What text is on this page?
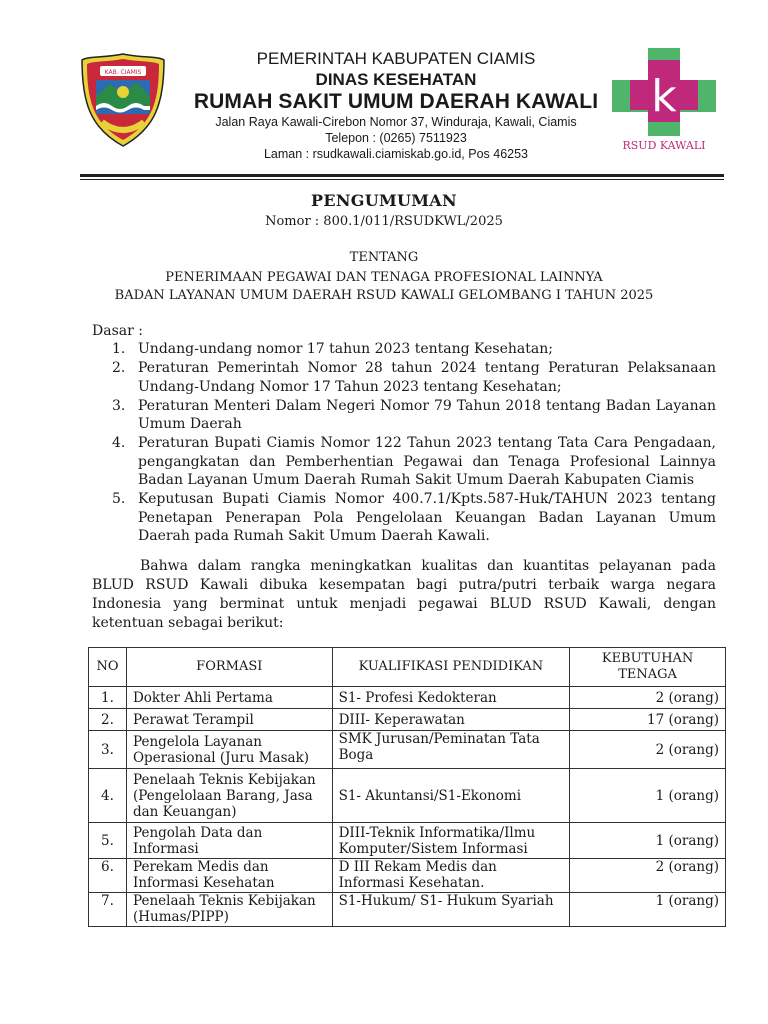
KAB. CIAMIS
PEMERINTAH KABUPATEN CIAMIS
DINAS KESEHATAN
RUMAH SAKIT UMUM DAERAH KAWALI
Jalan Raya Kawali-Cirebon Nomor 37, Winduraja, Kawali, Ciamis
Telepon : (0265) 7511923
Laman : rsudkawali.ciamiskab.go.id, Pos 46253
k
RSUD KAWALI
PENGUMUMAN
Nomor : 800.1/011/RSUDKWL/2025
TENTANG
PENERIMAAN PEGAWAI DAN TENAGA PROFESIONAL LAINNYA
BADAN LAYANAN UMUM DAERAH RSUD KAWALI GELOMBANG I TAHUN 2025
Dasar :
1. Undang-undang nomor 17 tahun 2023 tentang Kesehatan;
2. Peraturan Pemerintah Nomor 28 tahun 2024 tentang Peraturan Pelaksanaan Undang-Undang Nomor 17 Tahun 2023 tentang Kesehatan;
3. Peraturan Menteri Dalam Negeri Nomor 79 Tahun 2018 tentang Badan Layanan Umum Daerah
4. Peraturan Bupati Ciamis Nomor 122 Tahun 2023 tentang Tata Cara Pengadaan, pengangkatan dan Pemberhentian Pegawai dan Tenaga Profesional Lainnya Badan Layanan Umum Daerah Rumah Sakit Umum Daerah Kabupaten Ciamis
5. Keputusan Bupati Ciamis Nomor 400.7.1/Kpts.587-Huk/TAHUN 2023 tentang Penetapan Penerapan Pola Pengelolaan Keuangan Badan Layanan Umum Daerah pada Rumah Sakit Umum Daerah Kawali.
Bahwa dalam rangka meningkatkan kualitas dan kuantitas pelayanan pada BLUD RSUD Kawali dibuka kesempatan bagi putra/putri terbaik warga negara Indonesia yang berminat untuk menjadi pegawai BLUD RSUD Kawali, dengan ketentuan sebagai berikut:
NO	FORMASI	KUALIFIKASI PENDIDIKAN	KEBUTUHAN TENAGA
1.	Dokter Ahli Pertama	S1- Profesi Kedokteran	2 (orang)
2.	Perawat Terampil	DIII- Keperawatan	17 (orang)
3.	Pengelola Layanan Operasional (Juru Masak)	SMK Jurusan/Peminatan Tata Boga	2 (orang)
4.	Penelaah Teknis Kebijakan (Pengelolaan Barang, Jasa dan Keuangan)	S1- Akuntansi/S1-Ekonomi	1 (orang)
5.	Pengolah Data dan Informasi	DIII-Teknik Informatika/Ilmu Komputer/Sistem Informasi	1 (orang)
6.	Perekam Medis dan Informasi Kesehatan	D III Rekam Medis dan Informasi Kesehatan.	2 (orang)
7.	Penelaah Teknis Kebijakan (Humas/PIPP)	S1-Hukum/ S1- Hukum Syariah	1 (orang)
